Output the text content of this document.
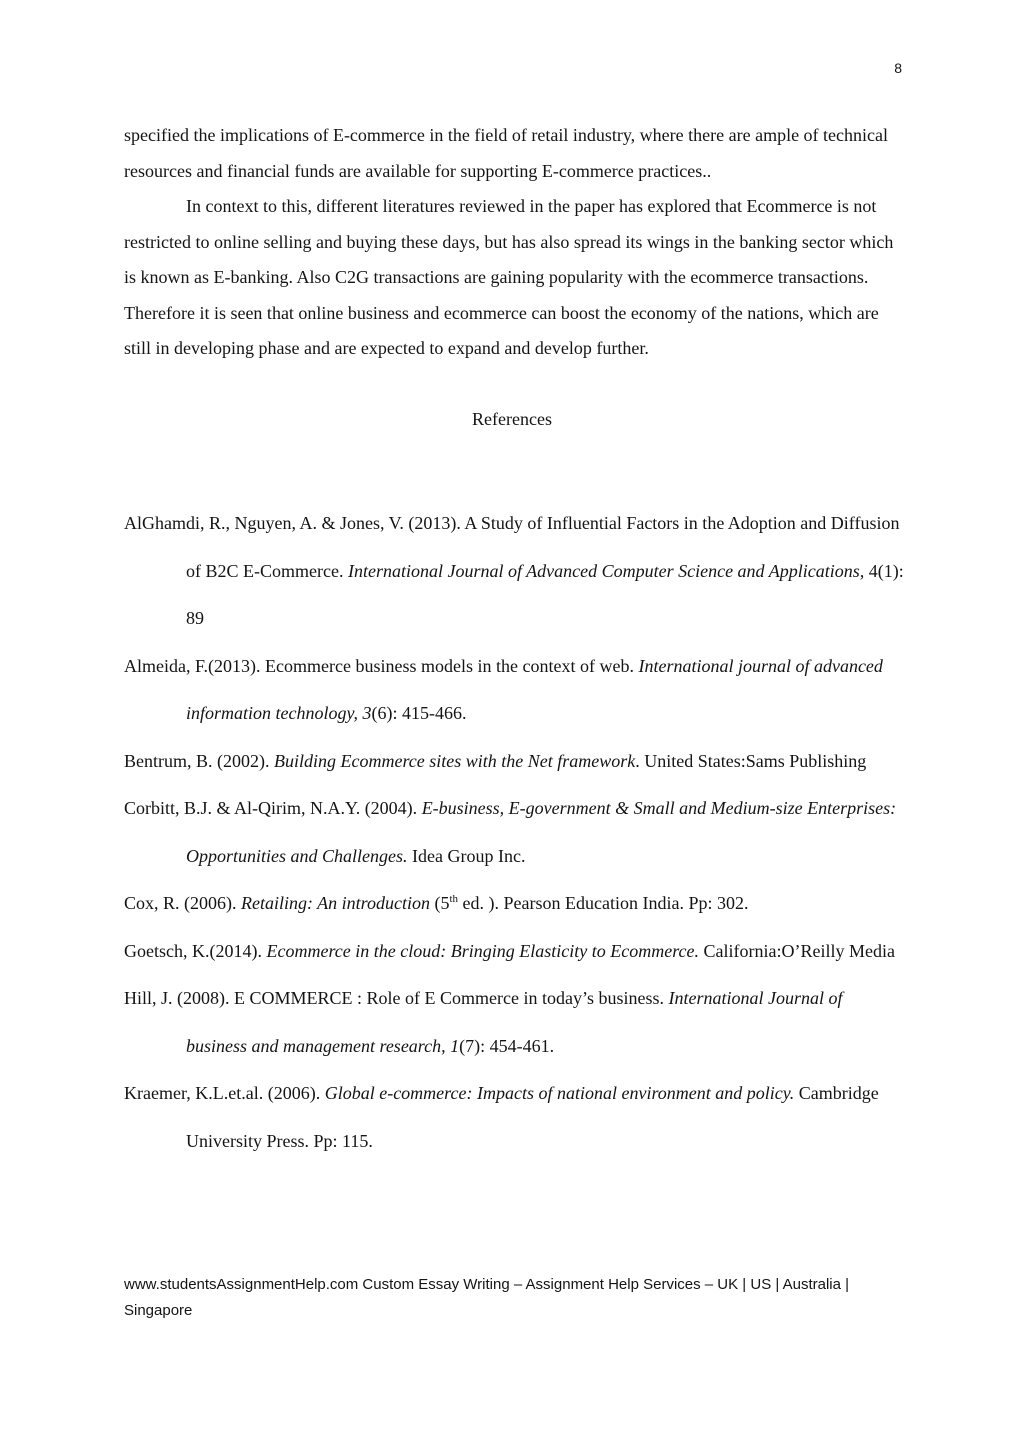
8

specified the implications of E-commerce in the field of retail industry, where there are ample of technical resources and financial funds are available for supporting E-commerce practices..

In context to this, different literatures reviewed in the paper has explored that Ecommerce is not restricted to online selling and buying these days, but has also spread its wings in the banking sector which is known as E-banking. Also C2G transactions are gaining popularity with the ecommerce transactions. Therefore it is seen that online business and ecommerce can boost the economy of the nations, which are still in developing phase and are expected to expand and develop further.

References

AlGhamdi, R., Nguyen, A. & Jones, V. (2013). A Study of Influential Factors in the Adoption and Diffusion of B2C E-Commerce. International Journal of Advanced Computer Science and Applications, 4(1): 89

Almeida, F.(2013). Ecommerce business models in the context of web. International journal of advanced information technology, 3(6): 415-466.

Bentrum, B. (2002). Building Ecommerce sites with the Net framework. United States:Sams Publishing

Corbitt, B.J. & Al-Qirim, N.A.Y. (2004). E-business, E-government & Small and Medium-size Enterprises: Opportunities and Challenges. Idea Group Inc.

Cox, R. (2006). Retailing: An introduction (5th ed. ). Pearson Education India. Pp: 302.

Goetsch, K.(2014). Ecommerce in the cloud: Bringing Elasticity to Ecommerce. California:O’Reilly Media

Hill, J. (2008). E COMMERCE : Role of E Commerce in today’s business. International Journal of business and management research, 1(7): 454-461.

Kraemer, K.L.et.al. (2006). Global e-commerce: Impacts of national environment and policy. Cambridge University Press. Pp: 115.

www.studentsAssignmentHelp.com Custom Essay Writing – Assignment Help Services – UK | US | Australia | Singapore
